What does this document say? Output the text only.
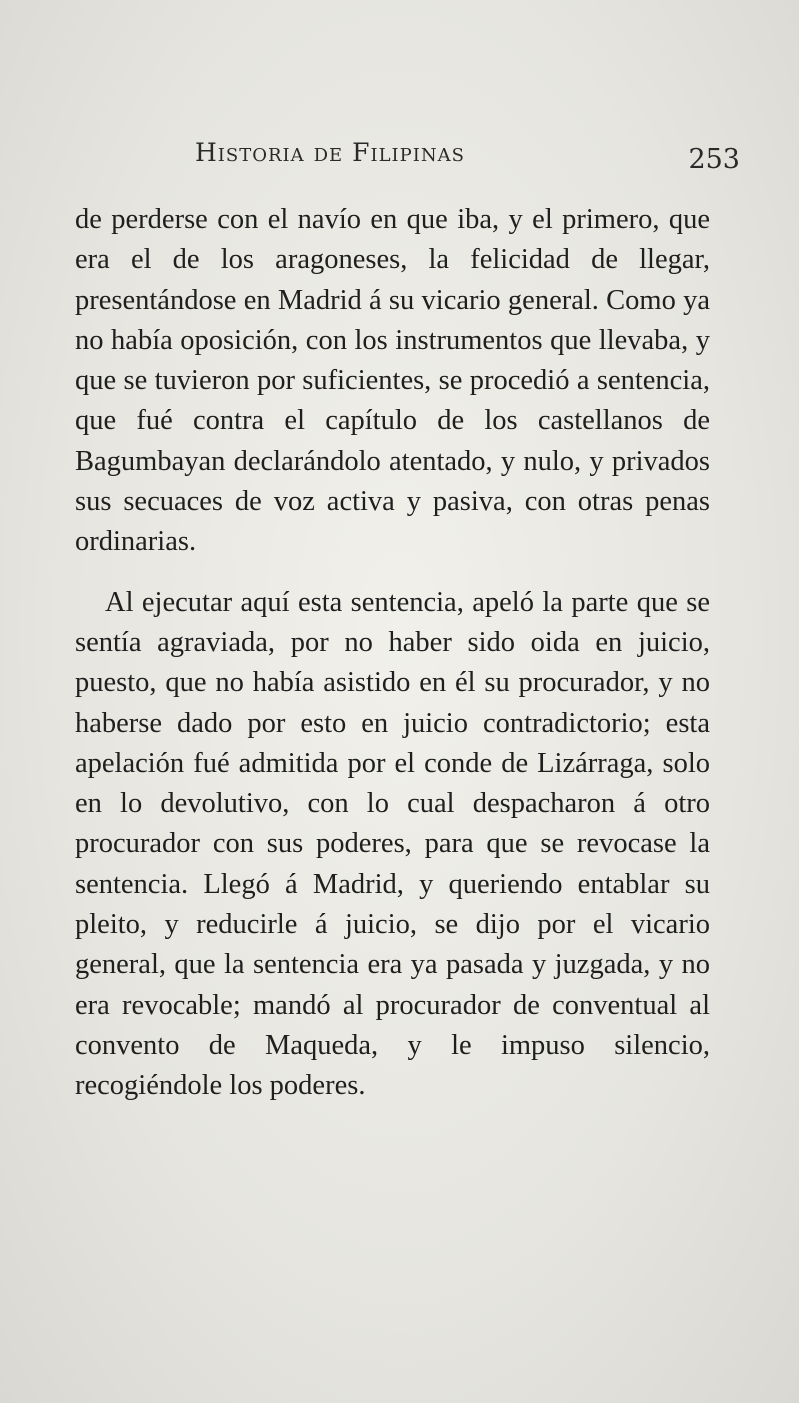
Historia de Filipinas	253

de perderse con el navío en que iba, y el primero, que era el de los aragoneses, la felicidad de llegar, presentándose en Madrid á su vicario general. Como ya no había oposición, con los instrumentos que llevaba, y que se tuvieron por suficientes, se procedió a sentencia, que fué contra el capítulo de los castellanos de Bagumbayan declarándolo atentado, y nulo, y privados sus secuaces de voz activa y pasiva, con otras penas ordinarias.

Al ejecutar aquí esta sentencia, apeló la parte que se sentía agraviada, por no haber sido oida en juicio, puesto, que no había asistido en él su procurador, y no haberse dado por esto en juicio contradictorio; esta apelación fué admitida por el conde de Lizárraga, solo en lo devolutivo, con lo cual despacharon á otro procurador con sus poderes, para que se revocase la sentencia. Llegó á Madrid, y queriendo entablar su pleito, y reducirle á juicio, se dijo por el vicario general, que la sentencia era ya pasada y juzgada, y no era revocable; mandó al procurador de conventual al convento de Maqueda, y le impuso silencio, recogiéndole los poderes.
